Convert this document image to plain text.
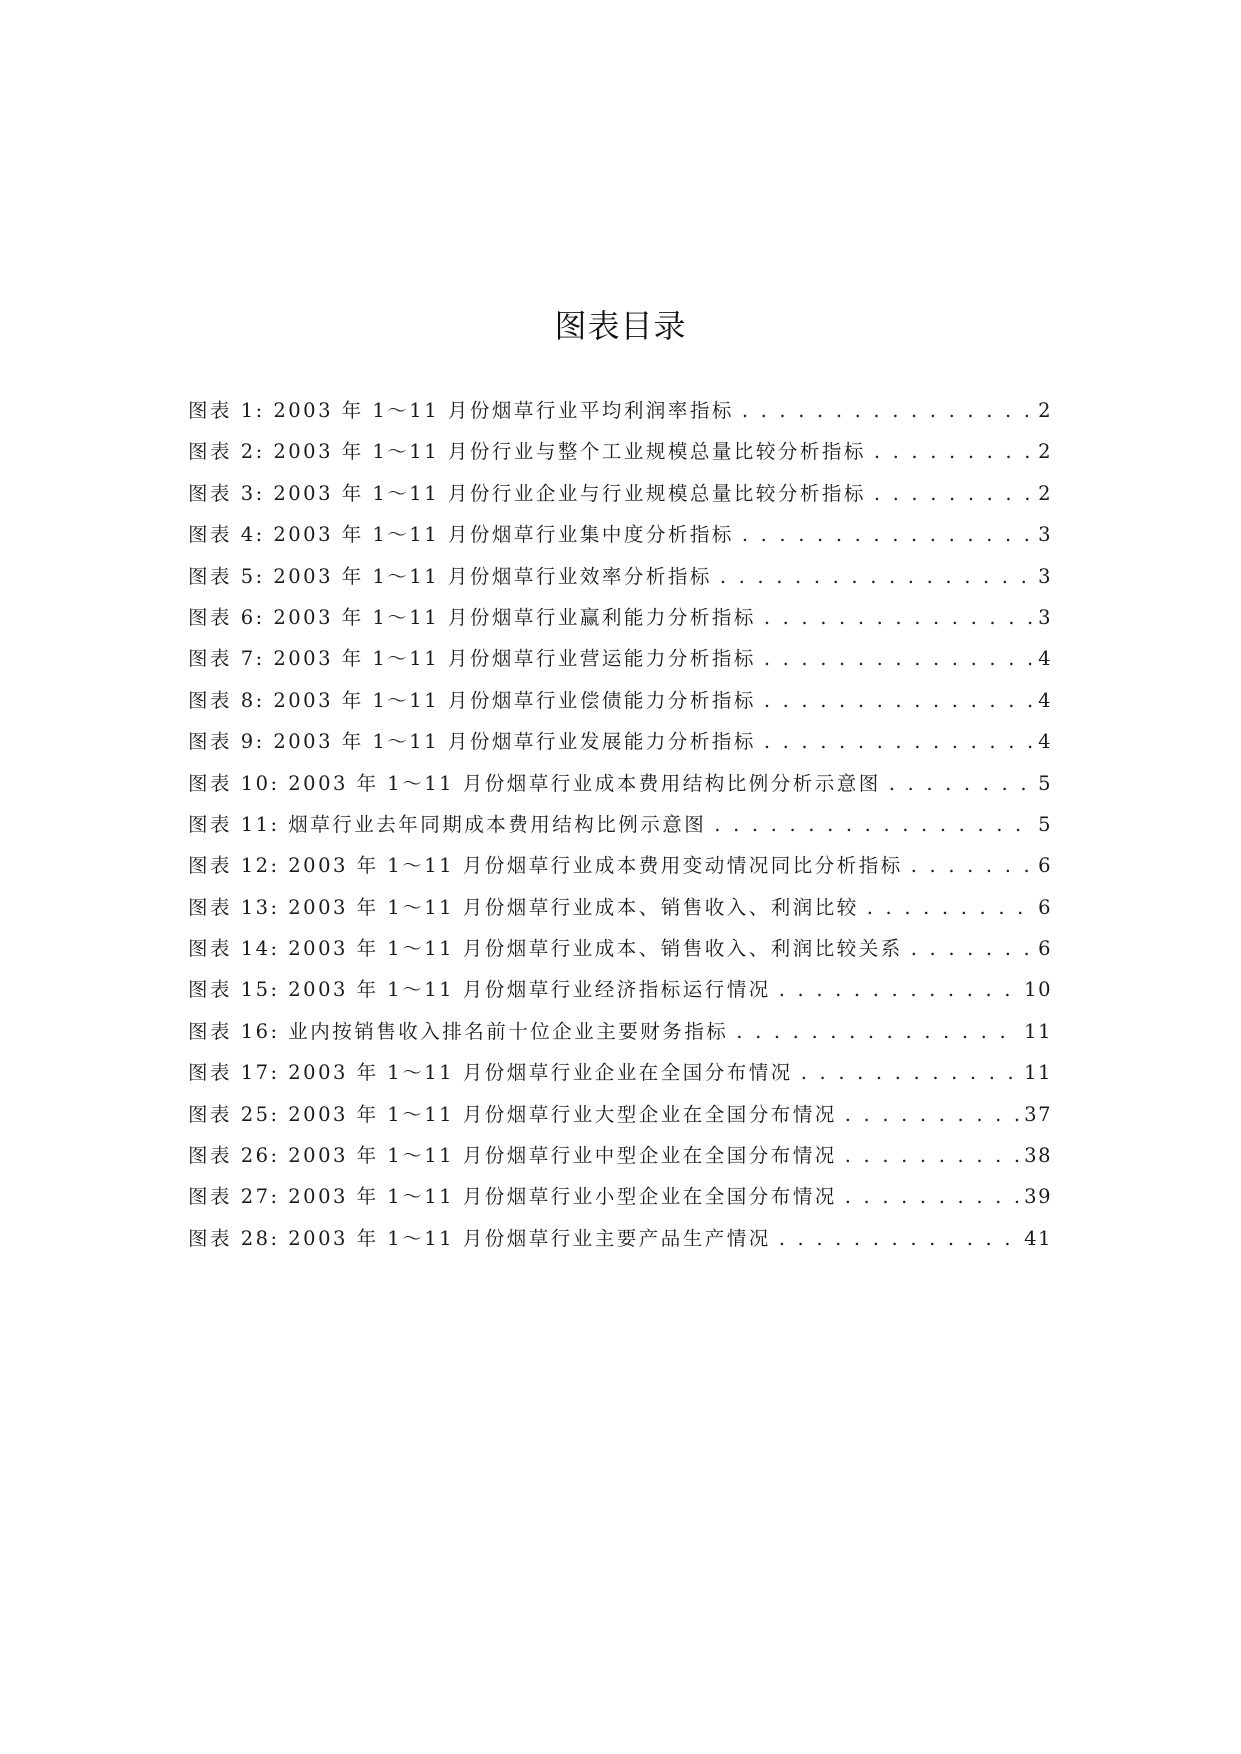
图表目录
图表 1: 2003 年 1～11 月份烟草行业平均利润率指标 . . .	2
图表 2: 2003 年 1～11 月份行业与整个工业规模总量比较分析指标 . . .	2
图表 3: 2003 年 1～11 月份行业企业与行业规模总量比较分析指标 . . .	2
图表 4: 2003 年 1～11 月份烟草行业集中度分析指标 . . .	3
图表 5: 2003 年 1～11 月份烟草行业效率分析指标 . . .	3
图表 6: 2003 年 1～11 月份烟草行业赢利能力分析指标 . . .	3
图表 7: 2003 年 1～11 月份烟草行业营运能力分析指标 . . .	4
图表 8: 2003 年 1～11 月份烟草行业偿债能力分析指标 . . .	4
图表 9: 2003 年 1～11 月份烟草行业发展能力分析指标 . . .	4
图表 10: 2003 年 1～11 月份烟草行业成本费用结构比例分析示意图 . . .	5
图表 11: 烟草行业去年同期成本费用结构比例示意图 . . .	5
图表 12: 2003 年 1～11 月份烟草行业成本费用变动情况同比分析指标 . . .	6
图表 13: 2003 年 1～11 月份烟草行业成本、销售收入、利润比较 . . .	6
图表 14: 2003 年 1～11 月份烟草行业成本、销售收入、利润比较关系 . . .	6
图表 15: 2003 年 1～11 月份烟草行业经济指标运行情况 . . .	10
图表 16: 业内按销售收入排名前十位企业主要财务指标 . . .	11
图表 17: 2003 年 1～11 月份烟草行业企业在全国分布情况 . . .	11
图表 25: 2003 年 1～11 月份烟草行业大型企业在全国分布情况 . . .	37
图表 26: 2003 年 1～11 月份烟草行业中型企业在全国分布情况 . . .	38
图表 27: 2003 年 1～11 月份烟草行业小型企业在全国分布情况 . . .	39
图表 28: 2003 年 1～11 月份烟草行业主要产品生产情况 . . .	41
